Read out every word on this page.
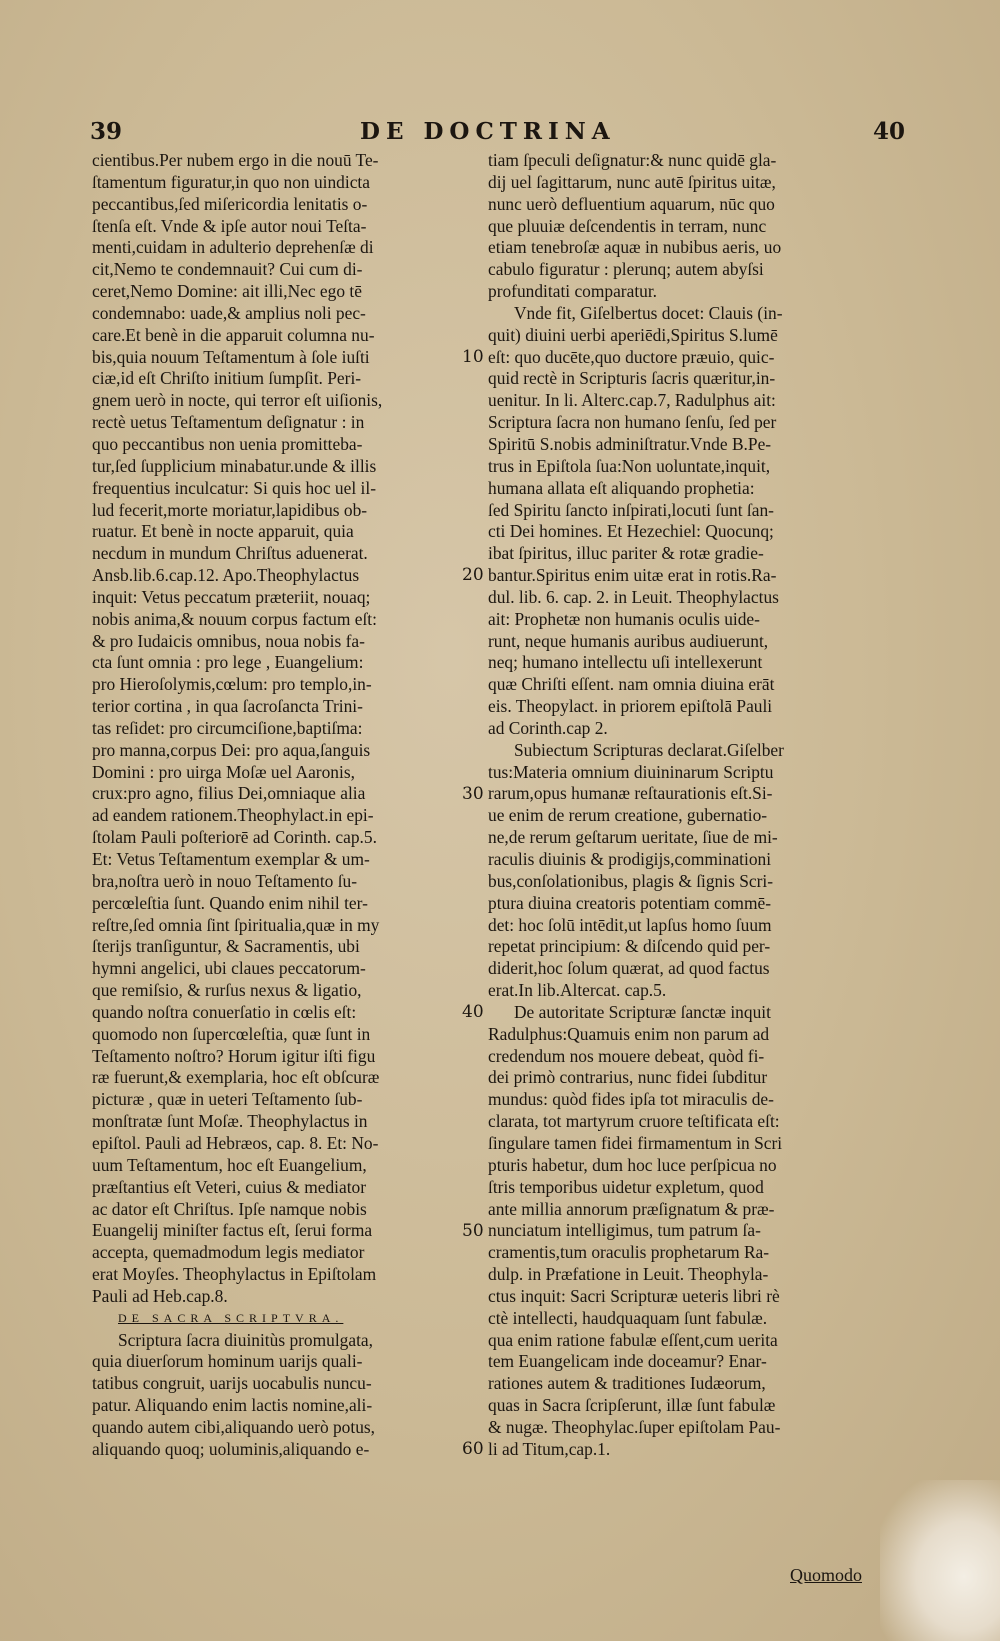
39	DE DOCTRINA	40
cientibus.Per nubem ergo in die nouū Te-
ſtamentum figuratur,in quo non uindicta
peccantibus,ſed miſericordia lenitatis o-
ſtenſa eſt. Vnde & ipſe autor noui Teſta-
menti,cuidam in adulterio deprehenſæ di
cit,Nemo te condemnauit? Cui cum di-
ceret,Nemo Domine: ait illi,Nec ego tē
condemnabo: uade,& amplius noli pec-
care.Et benè in die apparuit columna nu-
bis,quia nouum Teſtamentum à ſole iuſti
ciæ,id eſt Chriſto initium ſumpſit. Peri-
gnem uerò in nocte, qui terror eſt uiſionis,
rectè uetus Teſtamentum deſignatur : in
quo peccantibus non uenia promitteba-
tur,ſed ſupplicium minabatur.unde & illis
frequentius inculcatur: Si quis hoc uel il-
lud fecerit,morte moriatur,lapidibus ob-
ruatur. Et benè in nocte apparuit, quia
necdum in mundum Chriſtus aduenerat.
Ansb.lib.6.cap.12. Apo.Theophylactus
inquit: Vetus peccatum præteriit, nouaq;
nobis anima,& nouum corpus factum eſt:
& pro Iudaicis omnibus, noua nobis fa-
cta ſunt omnia : pro lege , Euangelium:
pro Hieroſolymis,cœlum: pro templo,in-
terior cortina , in qua ſacroſancta Trini-
tas reſidet: pro circumciſione,baptiſma:
pro manna,corpus Dei: pro aqua,ſanguis
Domini : pro uirga Moſæ uel Aaronis,
crux:pro agno, filius Dei,omniaque alia
ad eandem rationem.Theophylact.in epi-
ſtolam Pauli poſteriorē ad Corinth. cap.5.
Et: Vetus Teſtamentum exemplar & um-
bra,noſtra uerò in nouo Teſtamento ſu-
percœleſtia ſunt. Quando enim nihil ter-
reſtre,ſed omnia ſint ſpiritualia,quæ in my
ſterijs tranſiguntur, & Sacramentis, ubi
hymni angelici, ubi claues peccatorum-
que remiſsio, & rurſus nexus & ligatio,
quando noſtra conuerſatio in cœlis eſt:
quomodo non ſupercœleſtia, quæ ſunt in
Teſtamento noſtro? Horum igitur iſti figu
ræ fuerunt,& exemplaria, hoc eſt obſcuræ
picturæ , quæ in ueteri Teſtamento ſub-
monſtratæ ſunt Moſæ. Theophylactus in
epiſtol. Pauli ad Hebræos, cap. 8. Et: No-
uum Teſtamentum, hoc eſt Euangelium,
præſtantius eſt Veteri, cuius & mediator
ac dator eſt Chriſtus. Ipſe namque nobis
Euangelij miniſter factus eſt, ſerui forma
accepta, quemadmodum legis mediator
erat Moyſes. Theophylactus in Epiſtolam
Pauli ad Heb.cap.8.
DE SACRA SCRIPTVRA.
Scriptura ſacra diuinitùs promulgata,
quia diuerſorum hominum uarijs quali-
tatibus congruit, uarijs uocabulis nuncu-
patur. Aliquando enim lactis nomine,ali-
quando autem cibi,aliquando uerò potus,
aliquando quoq; uoluminis,aliquando e-
10
20
30
40
50
60
tiam ſpeculi deſignatur:& nunc quidē gla-
dij uel ſagittarum, nunc autē ſpiritus uitæ,
nunc uerò defluentium aquarum, nūc quo
que pluuiæ deſcendentis in terram, nunc
etiam tenebroſæ aquæ in nubibus aeris, uo
cabulo figuratur : plerunq; autem abyſsi
profunditati comparatur.
Vnde fit, Giſelbertus docet: Clauis (in-
quit) diuini uerbi aperiēdi,Spiritus S.lumē
eſt: quo ducēte,quo ductore præuio, quic-
quid rectè in Scripturis ſacris quæritur,in-
uenitur. In li. Alterc.cap.7, Radulphus ait:
Scriptura ſacra non humano ſenſu, ſed per
Spiritū S.nobis adminiſtratur.Vnde B.Pe-
trus in Epiſtola ſua:Non uoluntate,inquit,
humana allata eſt aliquando prophetia:
ſed Spiritu ſancto inſpirati,locuti ſunt ſan-
cti Dei homines. Et Hezechiel: Quocunq;
ibat ſpiritus, illuc pariter & rotæ gradie-
bantur.Spiritus enim uitæ erat in rotis.Ra-
dul. lib. 6. cap. 2. in Leuit. Theophylactus
ait: Prophetæ non humanis oculis uide-
runt, neque humanis auribus audiuerunt,
neq; humano intellectu uſi intellexerunt
quæ Chriſti eſſent. nam omnia diuina erāt
eis. Theopylact. in priorem epiſtolā Pauli
ad Corinth.cap 2.
Subiectum Scripturas declarat.Giſelber
tus:Materia omnium diuininarum Scriptu
rarum,opus humanæ reſtaurationis eſt.Si-
ue enim de rerum creatione, gubernatio-
ne,de rerum geſtarum ueritate, ſiue de mi-
raculis diuinis & prodigijs,comminationi
bus,conſolationibus, plagis & ſignis Scri-
ptura diuina creatoris potentiam commē-
det: hoc ſolū intēdit,ut lapſus homo ſuum
repetat principium: & diſcendo quid per-
diderit,hoc ſolum quærat, ad quod factus
erat.In lib.Altercat. cap.5.
De autoritate Scripturæ ſanctæ inquit
Radulphus:Quamuis enim non parum ad
credendum nos mouere debeat, quòd fi-
dei primò contrarius, nunc fidei ſubditur
mundus: quòd fides ipſa tot miraculis de-
clarata, tot martyrum cruore teſtificata eſt:
ſingulare tamen fidei firmamentum in Scri
pturis habetur, dum hoc luce perſpicua no
ſtris temporibus uidetur expletum, quod
ante millia annorum præſignatum & præ-
nunciatum intelligimus, tum patrum ſa-
cramentis,tum oraculis prophetarum Ra-
dulp. in Præfatione in Leuit. Theophyla-
ctus inquit: Sacri Scripturæ ueteris libri rè
ctè intellecti, haudquaquam ſunt fabulæ.
qua enim ratione fabulæ eſſent,cum uerita
tem Euangelicam inde doceamur? Enar-
rationes autem & traditiones Iudæorum,
quas in Sacra ſcripſerunt, illæ ſunt fabulæ
& nugæ. Theophylac.ſuper epiſtolam Pau-
li ad Titum,cap.1.
Quomodo
